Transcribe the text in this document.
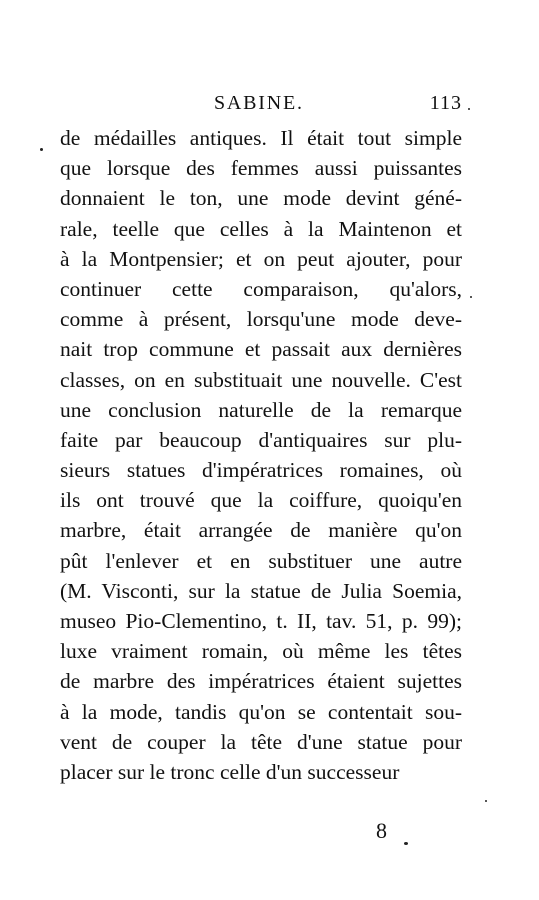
SABINE.	113
de médailles antiques. Il était tout simple
que lorsque des femmes aussi puissantes
donnaient le ton, une mode devint géné-
rale, teelle que celles à la Maintenon et
à la Montpensier; et on peut ajouter, pour
continuer cette comparaison, qu'alors,
comme à présent, lorsqu'une mode deve-
nait trop commune et passait aux dernières
classes, on en substituait une nouvelle. C'est
une conclusion naturelle de la remarque
faite par beaucoup d'antiquaires sur plu-
sieurs statues d'impératrices romaines, où
ils ont trouvé que la coiffure, quoiqu'en
marbre, était arrangée de manière qu'on
pût l'enlever et en substituer une autre
(M. Visconti, sur la statue de Julia Soemia,
museo Pio-Clementino, t. II, tav. 51, p. 99);
luxe vraiment romain, où même les têtes
de marbre des impératrices étaient sujettes
à la mode, tandis qu'on se contentait sou-
vent de couper la tête d'une statue pour
placer sur le tronc celle d'un successeur
8
